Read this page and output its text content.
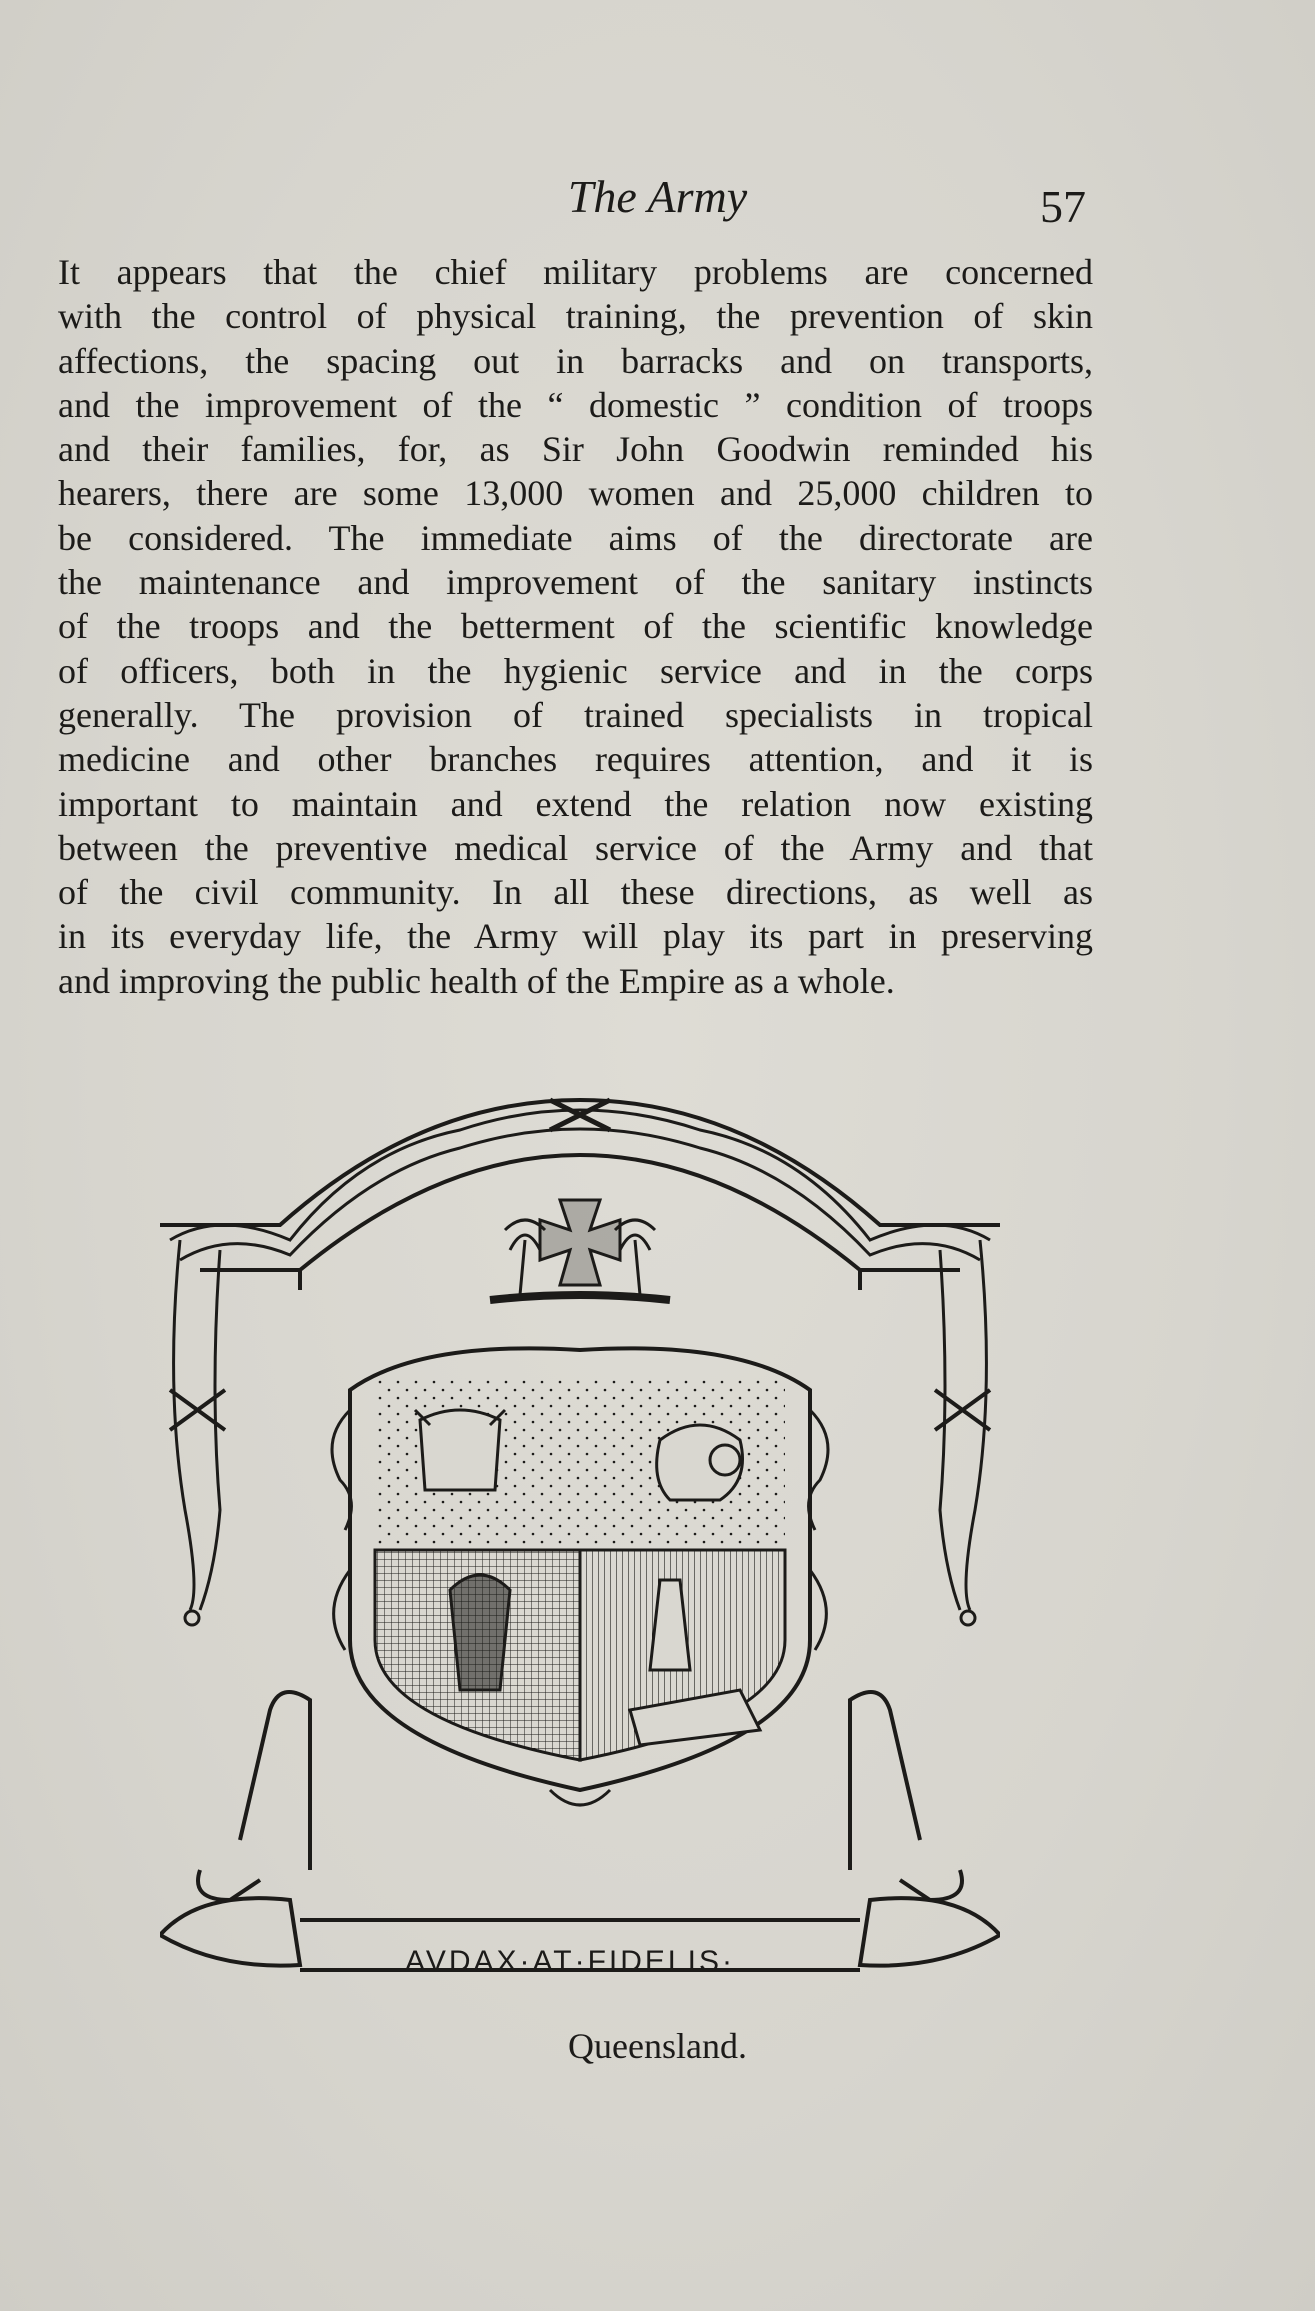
The Army	57
It appears that the chief military problems are concerned
with the control of physical training, the prevention of skin
affections, the spacing out in barracks and on transports,
and the improvement of the “ domestic ” condition of troops
and their families, for, as Sir John Goodwin reminded his
hearers, there are some 13,000 women and 25,000 children to
be considered. The immediate aims of the directorate are
the maintenance and improvement of the sanitary instincts
of the troops and the betterment of the scientific knowledge
of officers, both in the hygienic service and in the corps
generally. The provision of trained specialists in tropical
medicine and other branches requires attention, and it is
important to maintain and extend the relation now existing
between the preventive medical service of the Army and that
of the civil community. In all these directions, as well as
in its everyday life, the Army will play its part in preserving
and improving the public health of the Empire as a whole.
AVDAX·AT·FIDELIS·
Queensland.
